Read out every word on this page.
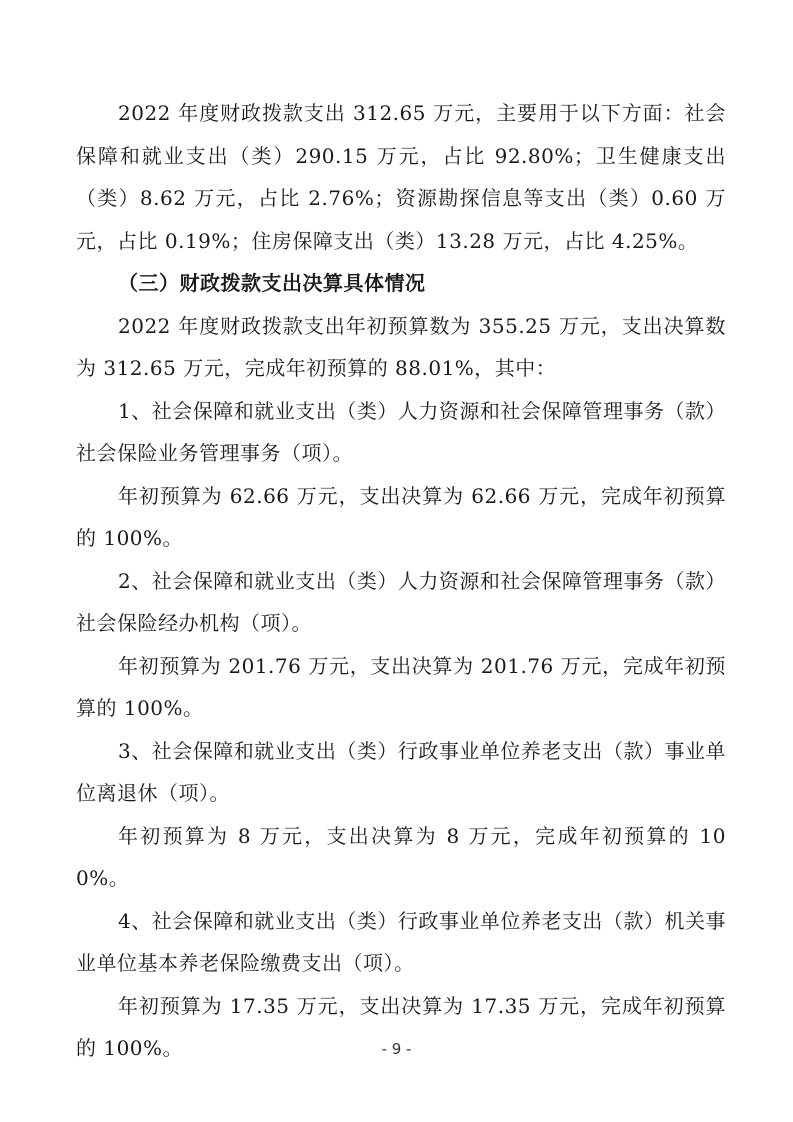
2022 年度财政拨款支出 312.65 万元，主要用于以下方面：社会保障和就业支出（类）290.15 万元，占比 92.80%；卫生健康支出（类）8.62 万元，占比 2.76%；资源勘探信息等支出（类）0.60 万元，占比 0.19%；住房保障支出（类）13.28 万元，占比 4.25%。

（三）财政拨款支出决算具体情况

2022 年度财政拨款支出年初预算数为 355.25 万元，支出决算数为 312.65 万元，完成年初预算的 88.01%，其中：

1、社会保障和就业支出（类）人力资源和社会保障管理事务（款）社会保险业务管理事务（项）。

年初预算为 62.66 万元，支出决算为 62.66 万元，完成年初预算的 100%。

2、社会保障和就业支出（类）人力资源和社会保障管理事务（款）社会保险经办机构（项）。

年初预算为 201.76 万元，支出决算为 201.76 万元，完成年初预算的 100%。

3、社会保障和就业支出（类）行政事业单位养老支出（款）事业单位离退休（项）。

年初预算为 8 万元，支出决算为 8 万元，完成年初预算的 100%。

4、社会保障和就业支出（类）行政事业单位养老支出（款）机关事业单位基本养老保险缴费支出（项）。

年初预算为 17.35 万元，支出决算为 17.35 万元，完成年初预算的 100%。	- 9 -
